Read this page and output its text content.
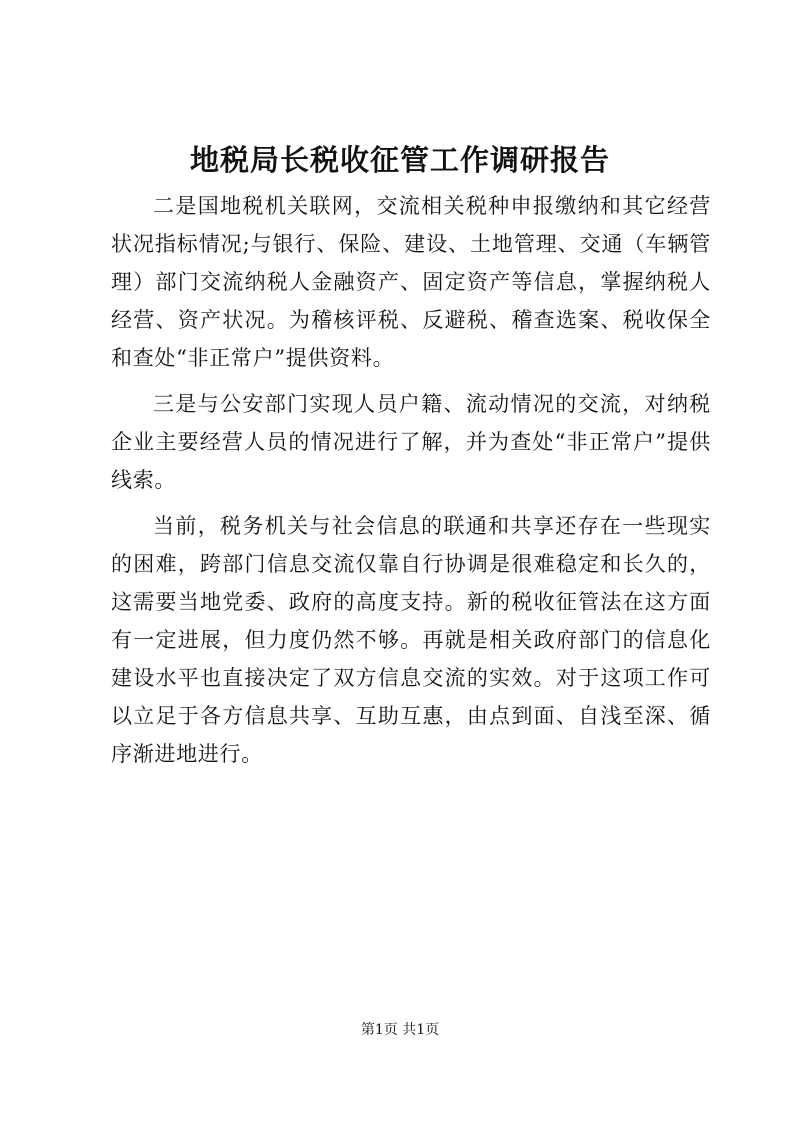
地税局长税收征管工作调研报告

二是国地税机关联网，交流相关税种申报缴纳和其它经营状况指标情况;与银行、保险、建设、土地管理、交通（车辆管理）部门交流纳税人金融资产、固定资产等信息，掌握纳税人经营、资产状况。为稽核评税、反避税、稽查选案、税收保全和查处“非正常户”提供资料。

三是与公安部门实现人员户籍、流动情况的交流，对纳税企业主要经营人员的情况进行了解，并为查处“非正常户”提供线索。

当前，税务机关与社会信息的联通和共享还存在一些现实的困难，跨部门信息交流仅靠自行协调是很难稳定和长久的，这需要当地党委、政府的高度支持。新的税收征管法在这方面有一定进展，但力度仍然不够。再就是相关政府部门的信息化建设水平也直接决定了双方信息交流的实效。对于这项工作可以立足于各方信息共享、互助互惠，由点到面、自浅至深、循序渐进地进行。

第1页 共1页
